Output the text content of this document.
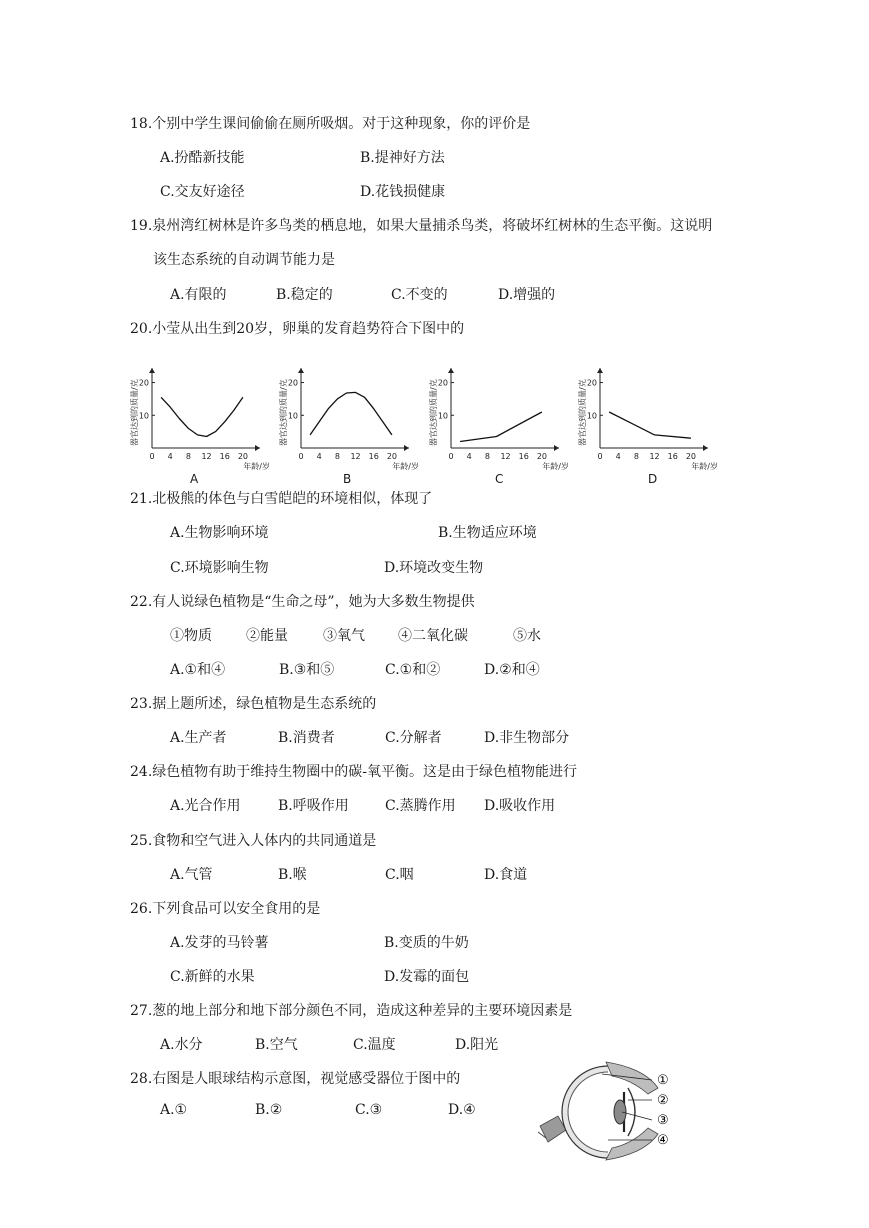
18.个别中学生课间偷偷在厕所吸烟。对于这种现象，你的评价是
A.扮酷新技能	B.提神好方法
C.交友好途径	D.花钱损健康
19.泉州湾红树林是许多鸟类的栖息地，如果大量捕杀鸟类，将破坏红树林的生态平衡。这说明
该生态系统的自动调节能力是
A.有限的	B.稳定的	C.不变的	D.增强的
20.小莹从出生到20岁，卵巢的发育趋势符合下图中的
0 4 8 12 16 20
10
20
年龄/岁
器官达到的质量/克
A
0 4 8 12 16 20
10
20
年龄/岁
器官达到的质量/克
B
0 4 8 12 16 20
10
20
年龄/岁
器官达到的质量/克
C
0 4 8 12 16 20
10
20
年龄/岁
器官达到的质量/克
D
21.北极熊的体色与白雪皑皑的环境相似，体现了
A.生物影响环境	B.生物适应环境
C.环境影响生物	D.环境改变生物
22.有人说绿色植物是“生命之母”，她为大多数生物提供
①物质 ②能量	③氧气 ④二氧化碳	⑤水
A.①和④	B.③和⑤	C.①和②	D.②和④
23.据上题所述，绿色植物是生态系统的
A.生产者	B.消费者	C.分解者	D.非生物部分
24.绿色植物有助于维持生物圈中的碳-氧平衡。这是由于绿色植物能进行
A.光合作用	B.呼吸作用	C.蒸腾作用 D.吸收作用
25.食物和空气进入人体内的共同通道是
A.气管	B.喉	C.咽	D.食道
26.下列食品可以安全食用的是
A.发芽的马铃薯	B.变质的牛奶
C.新鲜的水果	D.发霉的面包
27.葱的地上部分和地下部分颜色不同，造成这种差异的主要环境因素是
A.水分	B.空气	C.温度	D.阳光
28.右图是人眼球结构示意图，视觉感受器位于图中的
A.①	B.②	C.③	D.④
①
②
③
④
